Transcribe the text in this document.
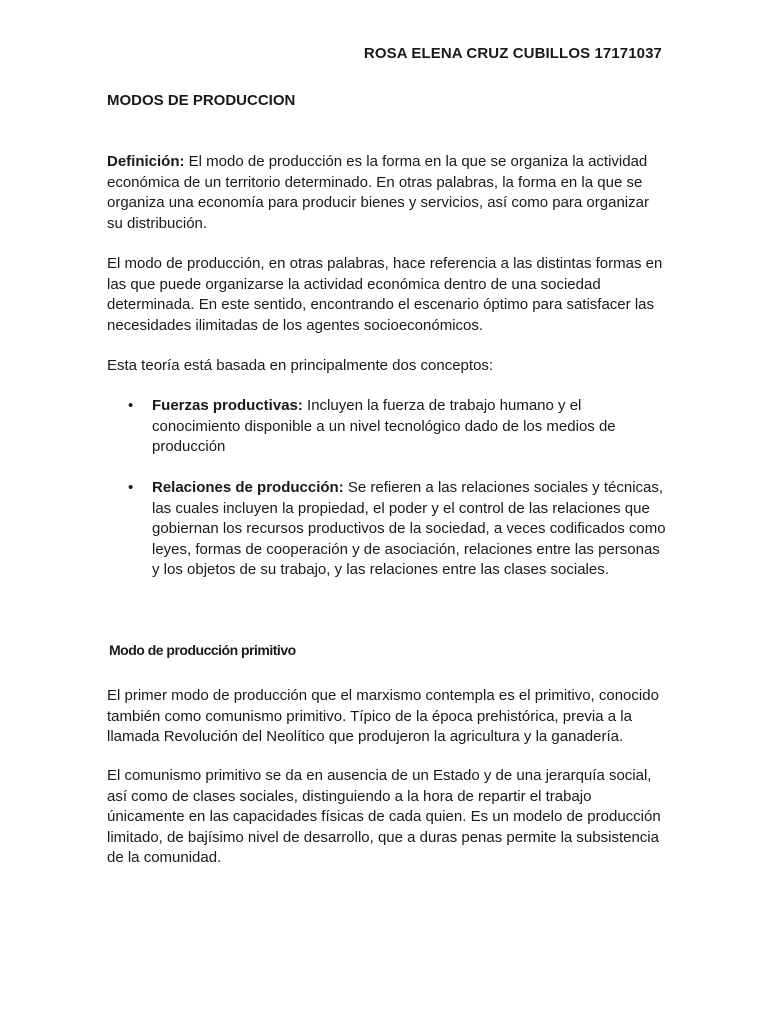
ROSA ELENA CRUZ CUBILLOS 17171037
MODOS DE PRODUCCION

Definición: El modo de producción es la forma en la que se organiza la actividad económica de un territorio determinado. En otras palabras, la forma en la que se organiza una economía para producir bienes y servicios, así como para organizar su distribución.

El modo de producción, en otras palabras, hace referencia a las distintas formas en las que puede organizarse la actividad económica dentro de una sociedad determinada. En este sentido, encontrando el escenario óptimo para satisfacer las necesidades ilimitadas de los agentes socioeconómicos.

Esta teoría está basada en principalmente dos conceptos:

• Fuerzas productivas: Incluyen la fuerza de trabajo humano y el conocimiento disponible a un nivel tecnológico dado de los medios de producción
• Relaciones de producción: Se refieren a las relaciones sociales y técnicas, las cuales incluyen la propiedad, el poder y el control de las relaciones que gobiernan los recursos productivos de la sociedad, a veces codificados como leyes, formas de cooperación y de asociación, relaciones entre las personas y los objetos de su trabajo, y las relaciones entre las clases sociales.
Modo de producción primitivo

El primer modo de producción que el marxismo contempla es el primitivo, conocido también como comunismo primitivo. Típico de la época prehistórica, previa a la llamada Revolución del Neolítico que produjeron la agricultura y la ganadería.

El comunismo primitivo se da en ausencia de un Estado y de una jerarquía social, así como de clases sociales, distinguiendo a la hora de repartir el trabajo únicamente en las capacidades físicas de cada quien. Es un modelo de producción limitado, de bajísimo nivel de desarrollo, que a duras penas permite la subsistencia de la comunidad.
